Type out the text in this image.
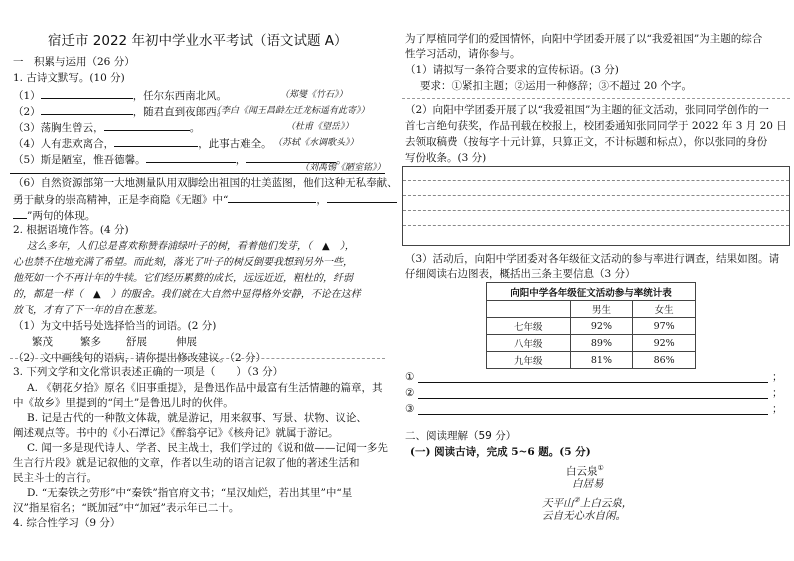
宿迁市 2022 年初中学业水平考试（语文试题 A）
一　积累与运用（26 分）
1. 古诗文默写。(10 分)
（1）	，任尔东西南北风。	（郑燮《竹石》）
（2）	，随君直到夜郎西。
（李白《闻王昌龄左迁龙标遥有此寄》）
（3）荡胸生曾云，	。	（杜甫《望岳》）
（4）人有悲欢离合，	，此事古难全。 （苏轼《水调歌头》）
（5）斯是陋室，惟吾德馨。	，	。
（刘禹锡《陋室铭》）
（6）自然资源部第一大地测量队用双脚绘出祖国的壮美蓝图，他们这种无私奉献、
勇于献身的崇高精神，正是李商隐《无题》中“	，
”两句的体现。
2. 根据语境作答。(4 分)
这么多年，人们总是喜欢称赞春浦绿叶子的树，看着他们发芽，（　▲　），
心也禁不住地充满了希望。而此刻，落光了叶子的树反倒要我想到另外一些，
他死如一个不再计年的牛犊。它们经历累赘的成长，远远近近，粗杜的，纤弱
的，都是一样（　▲　）的服舍。我们就在大自然中显得格外安静，不论在这样
放飞，才有了下一年的自在葱茏。
（1）为文中括号处选择恰当的词语。(2 分)
繁茂	繁多 舒展	伸展
（2）文中画线句的语病，请你提出修改建议。（2 分）
3. 下列文学和文化常识表述正确的一项是（　　）（3 分）
A. 《朝花夕拾》原名《旧事重提》，是鲁迅作品中最富有生活情趣的篇章，其
中《故乡》里提到的“闰土”是鲁迅儿时的伙伴。
B. 记是古代的一种散文体裁，就是游记，用来叙事、写景、状物、议论、
阐述观点等。书中的《小石潭记》《醉翁亭记》《核舟记》就属于游记。
C. 闻一多是现代诗人、学者、民主战士，我们学过的《说和做——记闻一多先
生言行片段》就是记叙他的文章，作者以生动的语言记叙了他的著述生活和
民主斗士的言行。
D. “无秦铁之劳形”中“秦铁”指官府文书；“星汉灿烂，若出其里”中“星
汉”指星宿名；“既加冠”中“加冠”表示年已二十。
4. 综合性学习（9 分）
为了厚植同学们的爱国情怀，向阳中学团委开展了以“我爱祖国”为主题的综合
性学习活动，请你参与。
（1）请拟写一条符合要求的宣传标语。(3 分)
要求：①紧扣主题；②运用一种修辞；③不超过 20 个字。
（2）向阳中学团委开展了以“我爱祖国”为主题的征文活动，张同同学创作的一
首七言绝句获奖，作品刊载在校报上，校团委通知张同同学于 2022 年 3 月 20 日
去领取稿费（按每字十元计算，只算正文，不计标题和标点），你以张同的身份
写份收条。(3 分)
（3）活动后，向阳中学团委对各年级征文活动的参与率进行调查，结果如图。请
仔细阅读右边图表，概括出三条主要信息（3 分）
向阳中学各年级征文活动参与率统计表		
	男生	女生
七年级	92%	97%
八年级	89%	92%
九年级	81%	86%
①	；
②	；
③	；
二、阅读理解（59 分）
(一) 阅读古诗，完成 5~6 题。(5 分)
白云泉①
白居易
天平山②上白云泉，
云自无心水自闲。
